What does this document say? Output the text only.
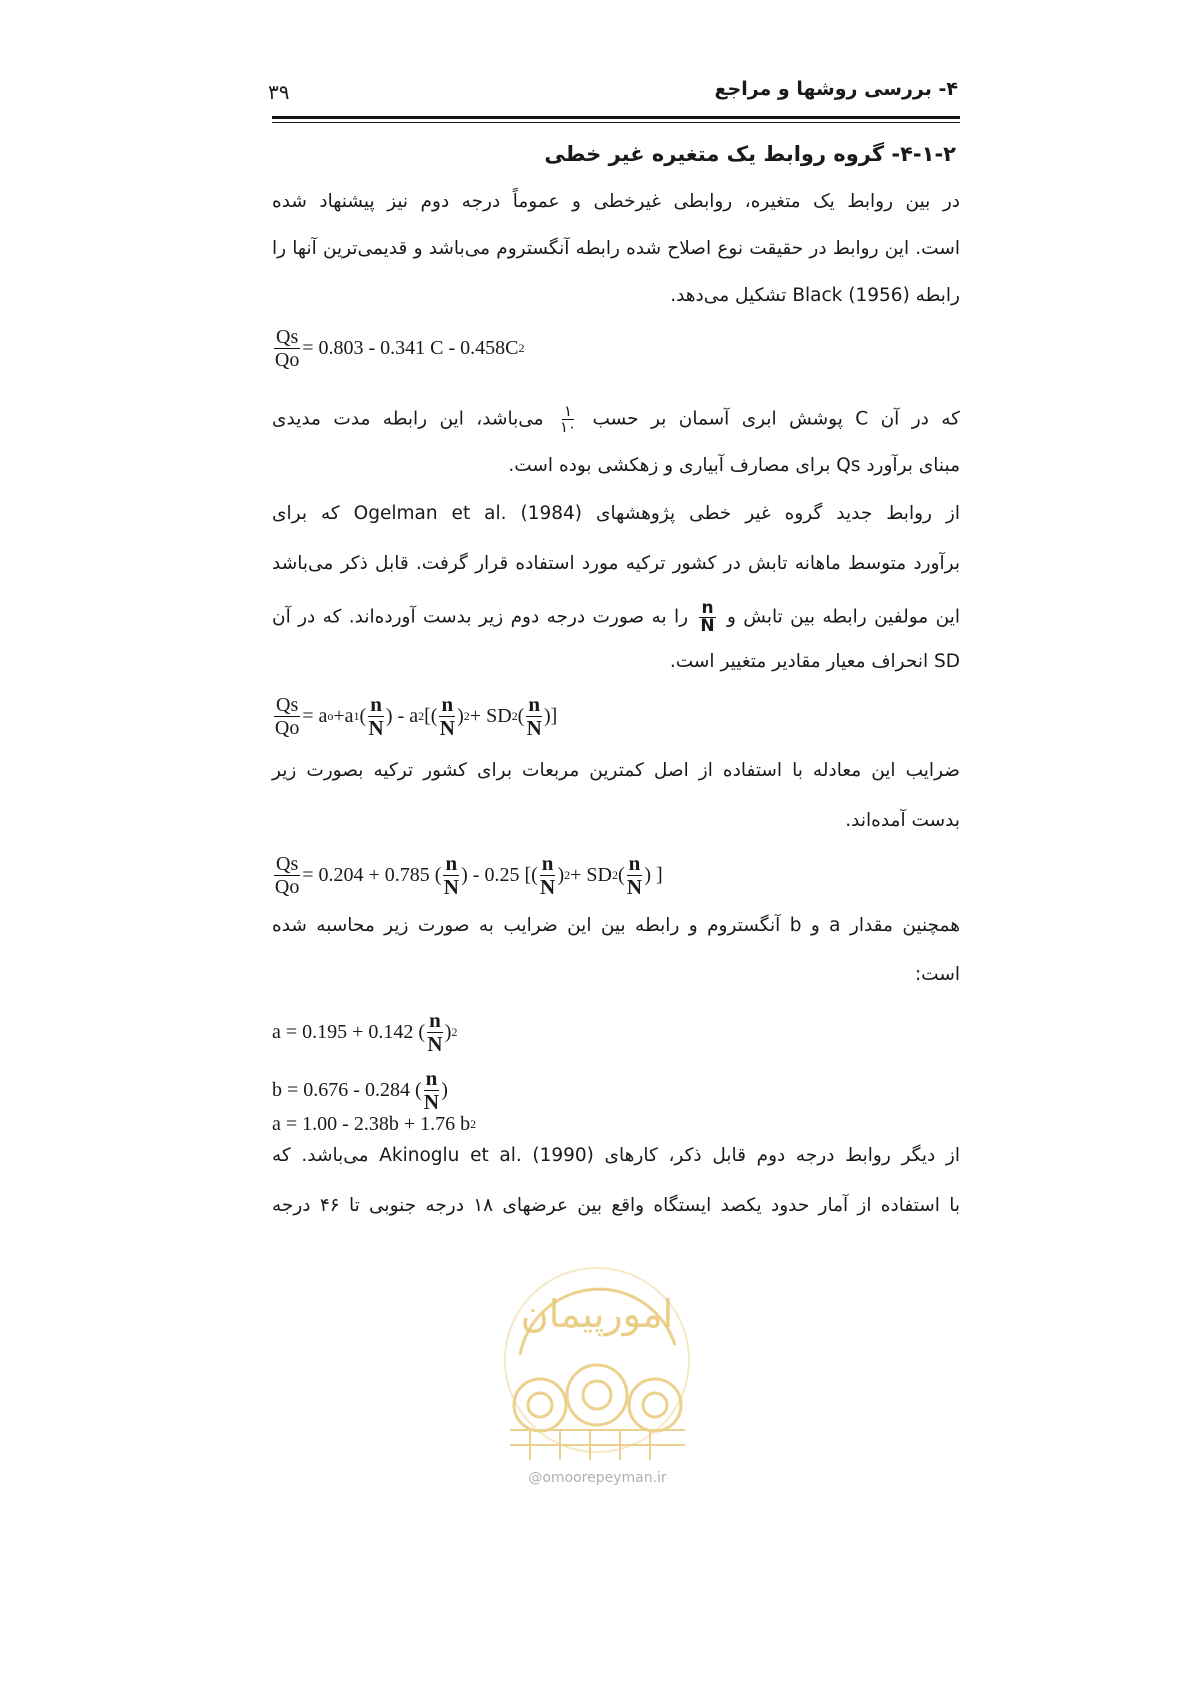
۳۹	۴- بررسی روشها و مراجع
۴-۱-۲- گروه روابط یک متغیره غیر خطی
در بین روابط یک متغیره، روابطی غیرخطی و عموماً درجه دوم نیز پیشنهاد شده
است. این روابط در حقیقت نوع اصلاح شده رابطه آنگستروم می‌باشد و قدیمی‌ترین آنها را
رابطه Black (1956) تشکیل می‌دهد.
$\frac{Qs}{Qo} = 0.803 - 0.341$ C - 0.458C 2
که در آن C پوشش ابری آسمان بر حسب
$\frac{۱}{۱۰}$
می‌باشد، این رابطه مدت مدیدی
مبنای برآورد Qs برای مصارف آبیاری و زهکشی بوده است.
از روابط جدید گروه غیر خطی پژوهشهای Ogelman et al. (1984) که برای
برآورد متوسط ماهانه تابش در کشور ترکیه مورد استفاده قرار گرفت. قابل ذکر می‌باشد
این مولفین رابطه بین تابش و
$\frac{n}{N}$
را به صورت درجه دوم زیر بدست آورده‌اند. که در آن
SD انحراف معیار مقادیر متغییر است.
$\frac{Qs}{Qo} = a$ o +a 1 ( $\frac{n}{N}$ ) - a 2 [( $\frac{n}{N}$ ) 2 + SD 2 ( $\frac{n}{N}$ )]
ضرایب این معادله با استفاده از اصل کمترین مربعات برای کشور ترکیه بصورت زیر
بدست آمده‌اند.
$\frac{Qs}{Qo} = 0.204 + 0.785$ ( $\frac{n}{N}$ ) - 0.25 [( $\frac{n}{N}$ ) 2 + SD 2 ( $\frac{n}{N}$ ) ]
همچنین مقدار a و b آنگستروم و رابطه بین این ضرایب به صورت زیر محاسبه شده
است:
a = 0.195 + 0.142 ( $\frac{n}{N}$ ) 2
b = 0.676 - 0.284 ( $\frac{n}{N}$ )
a = 1.00 - 2.38b + 1.76 b 2
از دیگر روابط درجه دوم قابل ذکر، کارهای Akinoglu et al. (1990) می‌باشد. که
با استفاده از آمار حدود یکصد ایستگاه واقع بین عرضهای ۱۸ درجه جنوبی تا ۴۶ درجه
امورپیمان
@omoorepeyman.ir
